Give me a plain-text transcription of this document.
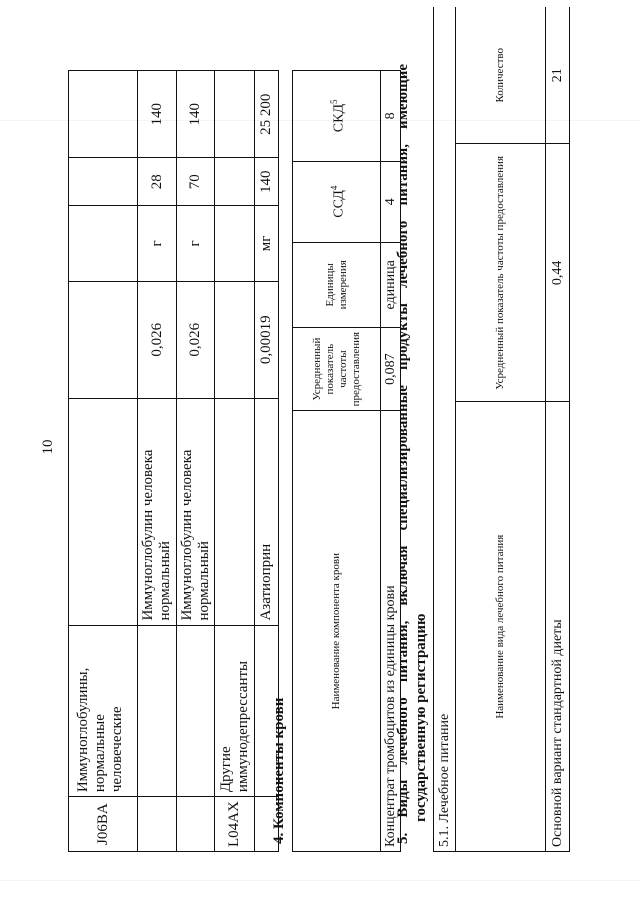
10
J06BA	Иммуноглобулины, нормальные человеческие					
		Иммуноглобулин человека нормальный	0,026	г	28	140
		Иммуноглобулин человека нормальный	0,026	г	70	140
L04AX	Другие иммунодепрессанты					
		Азатиоприн	0,00019	мг	140	25 200
4. Компоненты крови
Наименование компонента крови	Усредненный показатель частоты предоставления	Единицы измерения	ССД$^4$	СКД$^5$
Концентрат тромбоцитов из единицы крови	0,087	единица	4	8
5. Виды лечебного питания, включая специализированные продукты лечебного питания, имеющие государственную регистрацию 5.1. Лечебное питание		
Наименование вида лечебного питания	Усредненный показатель частоты предоставления	Количество
Основной вариант стандартной диеты	0,44	21
